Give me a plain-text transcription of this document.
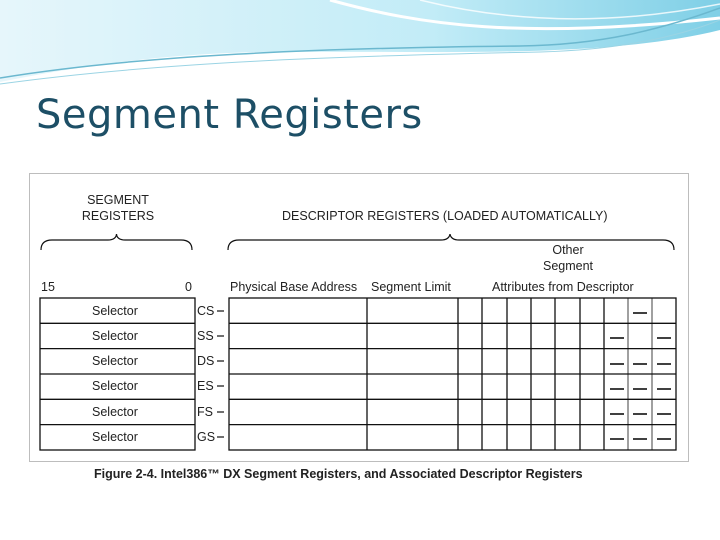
Segment Registers
SEGMENT
REGISTERS	DESCRIPTOR REGISTERS (LOADED AUTOMATICALLY)
Other
Segment
15	0	Physical Base Address Segment Limit	Attributes from Descriptor
Selector	CS
Selector	SS
Selector	DS
Selector	ES
Selector	FS
Selector	GS

Figure 2-4. Intel386™ DX Segment Registers, and Associated Descriptor Registers
